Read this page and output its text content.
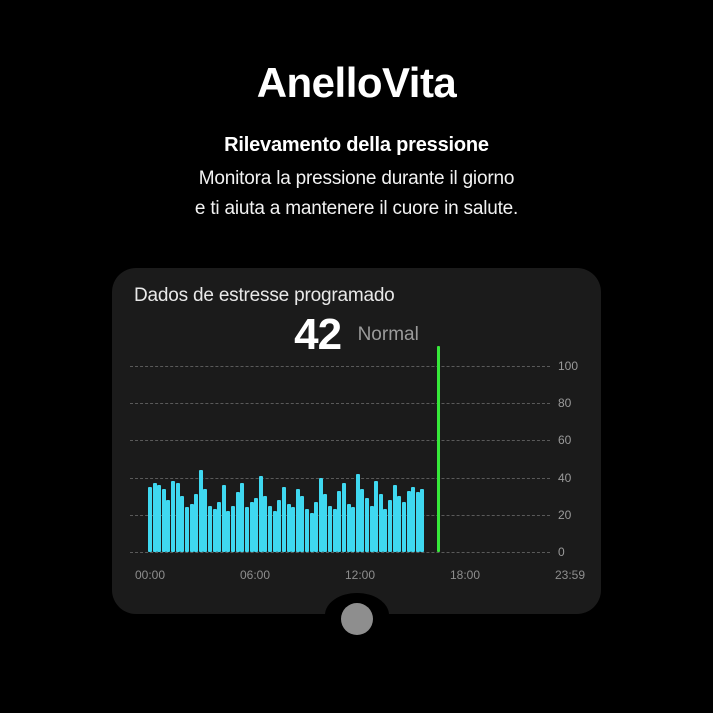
AnelloVita
Rilevamento della pressione
Monitora la pressione durante il giorno
e ti aiuta a mantenere il cuore in salute.
Dados de estresse programado
42 Normal
0
20
40
60
80
100
00:00	06:00	12:00	18:00	23:59
